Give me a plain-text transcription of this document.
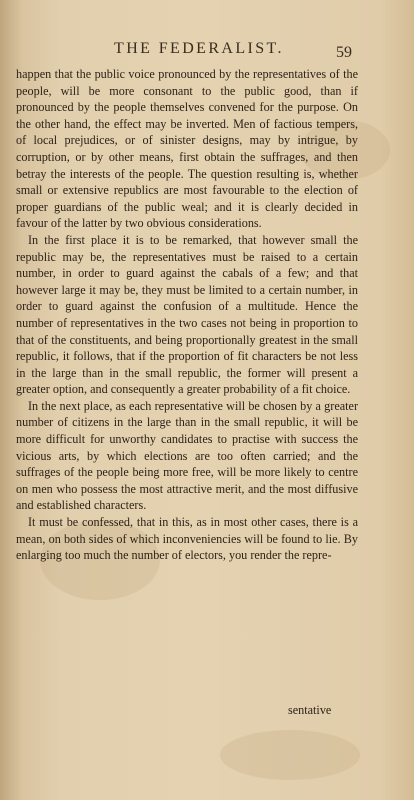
THE FEDERALIST.	59

happen that the public voice pronounced by the representatives of the people, will be more consonant to the public good, than if pronounced by the people themselves convened for the purpose. On the other hand, the effect may be inverted. Men of factious tempers, of local prejudices, or of sinister designs, may by intrigue, by corruption, or by other means, first obtain the suffrages, and then betray the interests of the people. The question resulting is, whether small or extensive republics are most favourable to the election of proper guardians of the public weal; and it is clearly decided in favour of the latter by two obvious considerations.

In the first place it is to be remarked, that however small the republic may be, the representatives must be raised to a certain number, in order to guard against the cabals of a few; and that however large it may be, they must be limited to a certain number, in order to guard against the confusion of a multitude. Hence the number of representatives in the two cases not being in proportion to that of the constituents, and being proportionally greatest in the small republic, it follows, that if the proportion of fit characters be not less in the large than in the small republic, the former will present a greater option, and consequently a greater probability of a fit choice.

In the next place, as each representative will be chosen by a greater number of citizens in the large than in the small republic, it will be more difficult for unworthy candidates to practise with success the vicious arts, by which elections are too often carried; and the suffrages of the people being more free, will be more likely to centre on men who possess the most attractive merit, and the most diffusive and established characters.

It must be confessed, that in this, as in most other cases, there is a mean, on both sides of which inconveniencies will be found to lie. By enlarging too much the number of electors, you render the repre-

sentative
